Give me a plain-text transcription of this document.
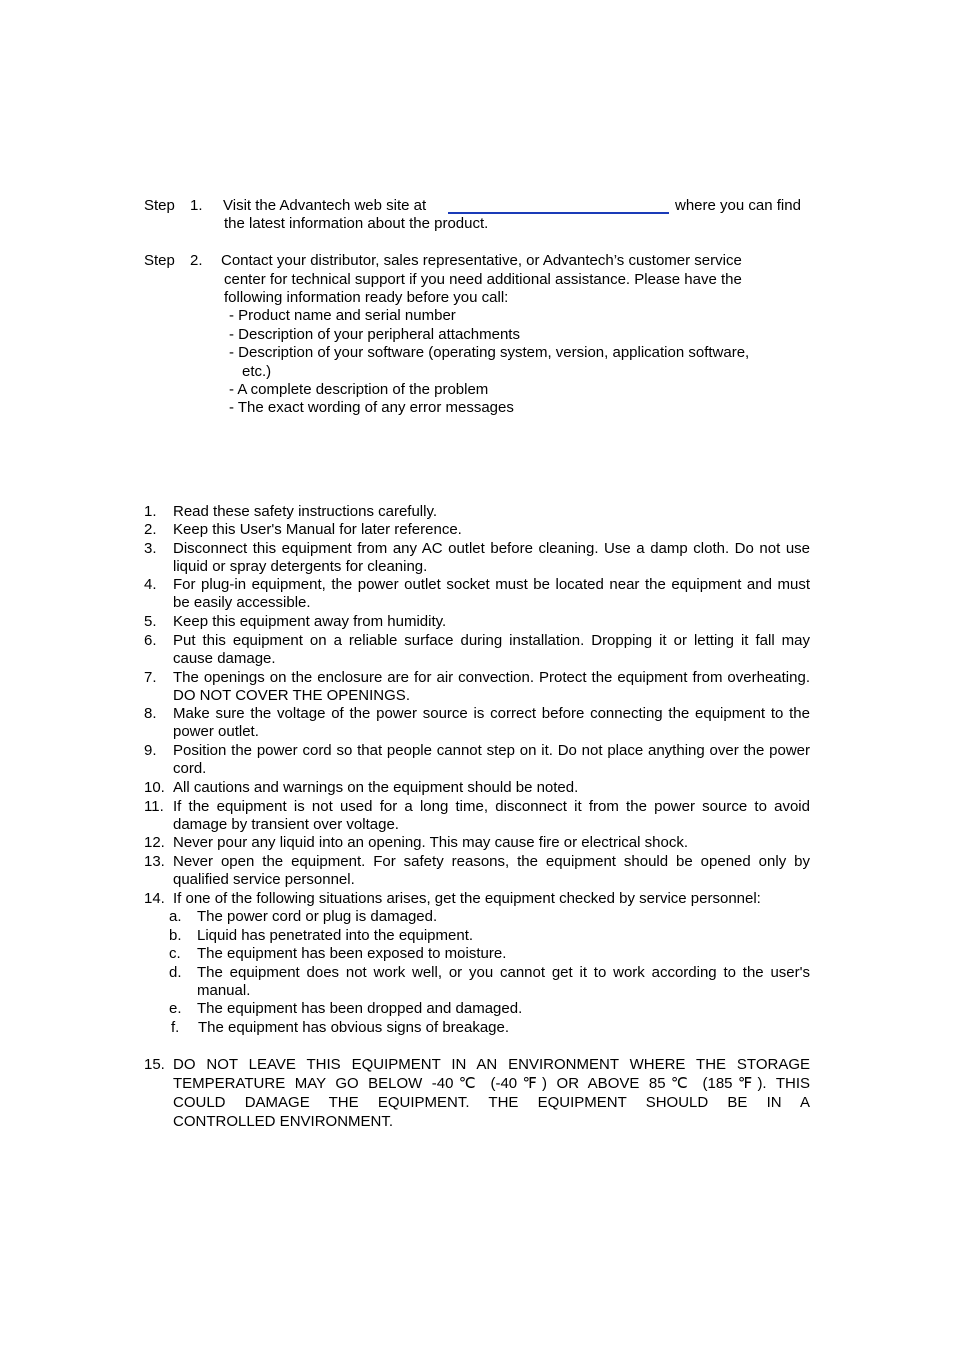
Step 1. Visit the Advantech web site at	where you can find
the latest information about the product.
Step 2. Contact your distributor, sales representative, or Advantech’s customer service
center for technical support if you need additional assistance. Please have the
following information ready before you call:
- Product name and serial number
- Description of your peripheral attachments
- Description of your software (operating system, version, application software,
etc.)
- A complete description of the problem
- The exact wording of any error messages
1. Read these safety instructions carefully.
2. Keep this User's Manual for later reference.
3. Disconnect this equipment from any AC outlet before cleaning. Use a damp cloth. Do not use liquid or spray detergents for cleaning.
4. For plug-in equipment, the power outlet socket must be located near the equipment and must be easily accessible.
5. Keep this equipment away from humidity.
6. Put this equipment on a reliable surface during installation. Dropping it or letting it fall may cause damage.
7. The openings on the enclosure are for air convection. Protect the equipment from overheating. DO NOT COVER THE OPENINGS.
8. Make sure the voltage of the power source is correct before connecting the equipment to the power outlet.
9. Position the power cord so that people cannot step on it. Do not place anything over the power cord.
10. All cautions and warnings on the equipment should be noted.
11. If the equipment is not used for a long time, disconnect it from the power source to avoid damage by transient over voltage.
12. Never pour any liquid into an opening. This may cause fire or electrical shock.
13. Never open the equipment. For safety reasons, the equipment should be opened only by qualified service personnel.
14. If one of the following situations arises, get the equipment checked by service personnel:
a. The power cord or plug is damaged.
b. Liquid has penetrated into the equipment.
c. The equipment has been exposed to moisture.
d. The equipment does not work well, or you cannot get it to work according to the user's manual.
e. The equipment has been dropped and damaged.
f. The equipment has obvious signs of breakage.
15. DO NOT LEAVE THIS EQUIPMENT IN AN ENVIRONMENT WHERE THE STORAGE
TEMPERATURE MAY GO BELOW -40℃ (-40℉) OR ABOVE 85℃ (185℉). THIS
COULD DAMAGE THE EQUIPMENT. THE EQUIPMENT SHOULD BE IN A
CONTROLLED ENVIRONMENT.
